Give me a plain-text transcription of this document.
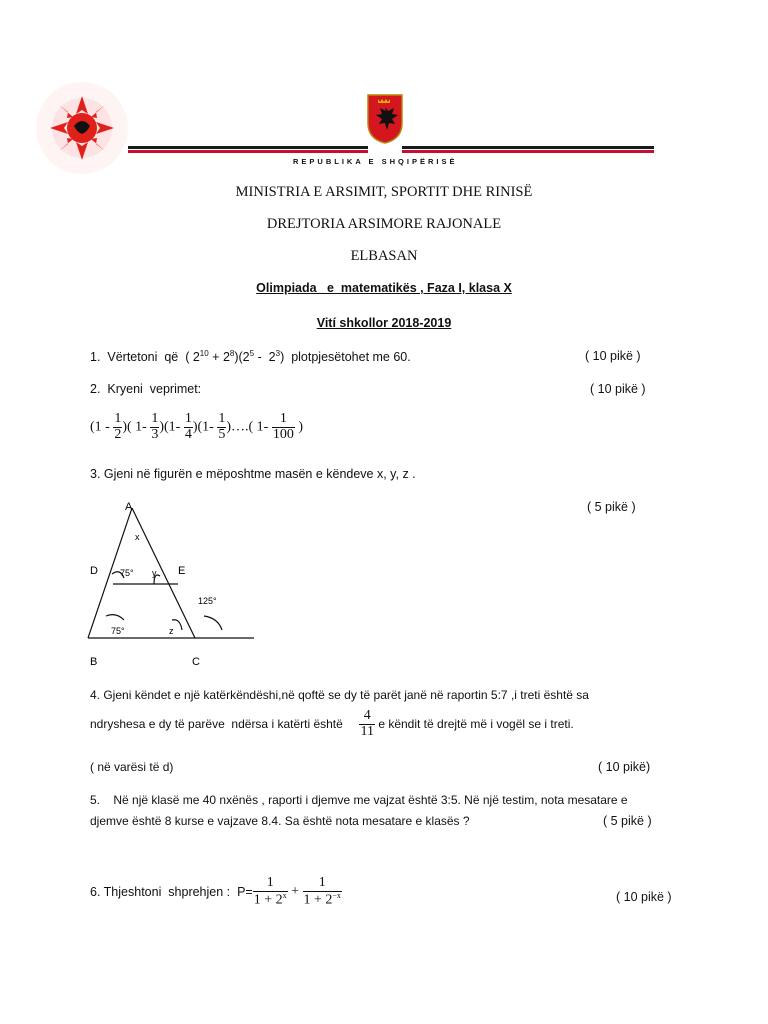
REPUBLIKA E SHQIPËRISË
MINISTRIA E ARSIMIT, SPORTIT DHE RINISË
DREJTORIA ARSIMORE RAJONALE
ELBASAN
Olimpiada   e  matematikës , Faza I, klasa X
Vití shkollor 2018-2019
1.  Vërtetoni  që  ( $2^{10} + 2^8)(2^5 - 2^3)$  plotpjesëtohet me 60.	( 10 pikë )
2.  Kryeni  veprimet:	( 10 pikë )
($1 - \frac{1}{2}$ )( $1- \frac{1}{3} )(1- \frac{1}{4} )(1- \frac{1}{5}$ )….( $1- \frac{1}{100}$ )
3. Gjeni në figurën e mëposhtme masën e këndeve x, y, z .
( 5 pikë )
A
D	E
B	C
x
y
z
75°
75°
125°
4. Gjeni këndet e një katërkëndëshi,në qoftë se dy të parët janë në raportin 5:7 ,i treti është sa
ndryshesa e dy të parëve  ndërsa i katërti është $\frac{4}{11}$ e këndit të drejtë më i vogël se i treti.
( në varësi të d)	( 10 pikë)
5.    Në një klasë me 40 nxënës , raporti i djemve me vajzat është 3:5. Në një testim, nota mesatare e
djemve është 8 kurse e vajzave 8.4. Sa është nota mesatare e klasës ?	( 5 pikë )
6. Thjeshtoni  shprehjen :  $P= \frac{1}{1 + 2^x} + \frac{1}{1 + 2^{-x}}$	( 10 pikë )
